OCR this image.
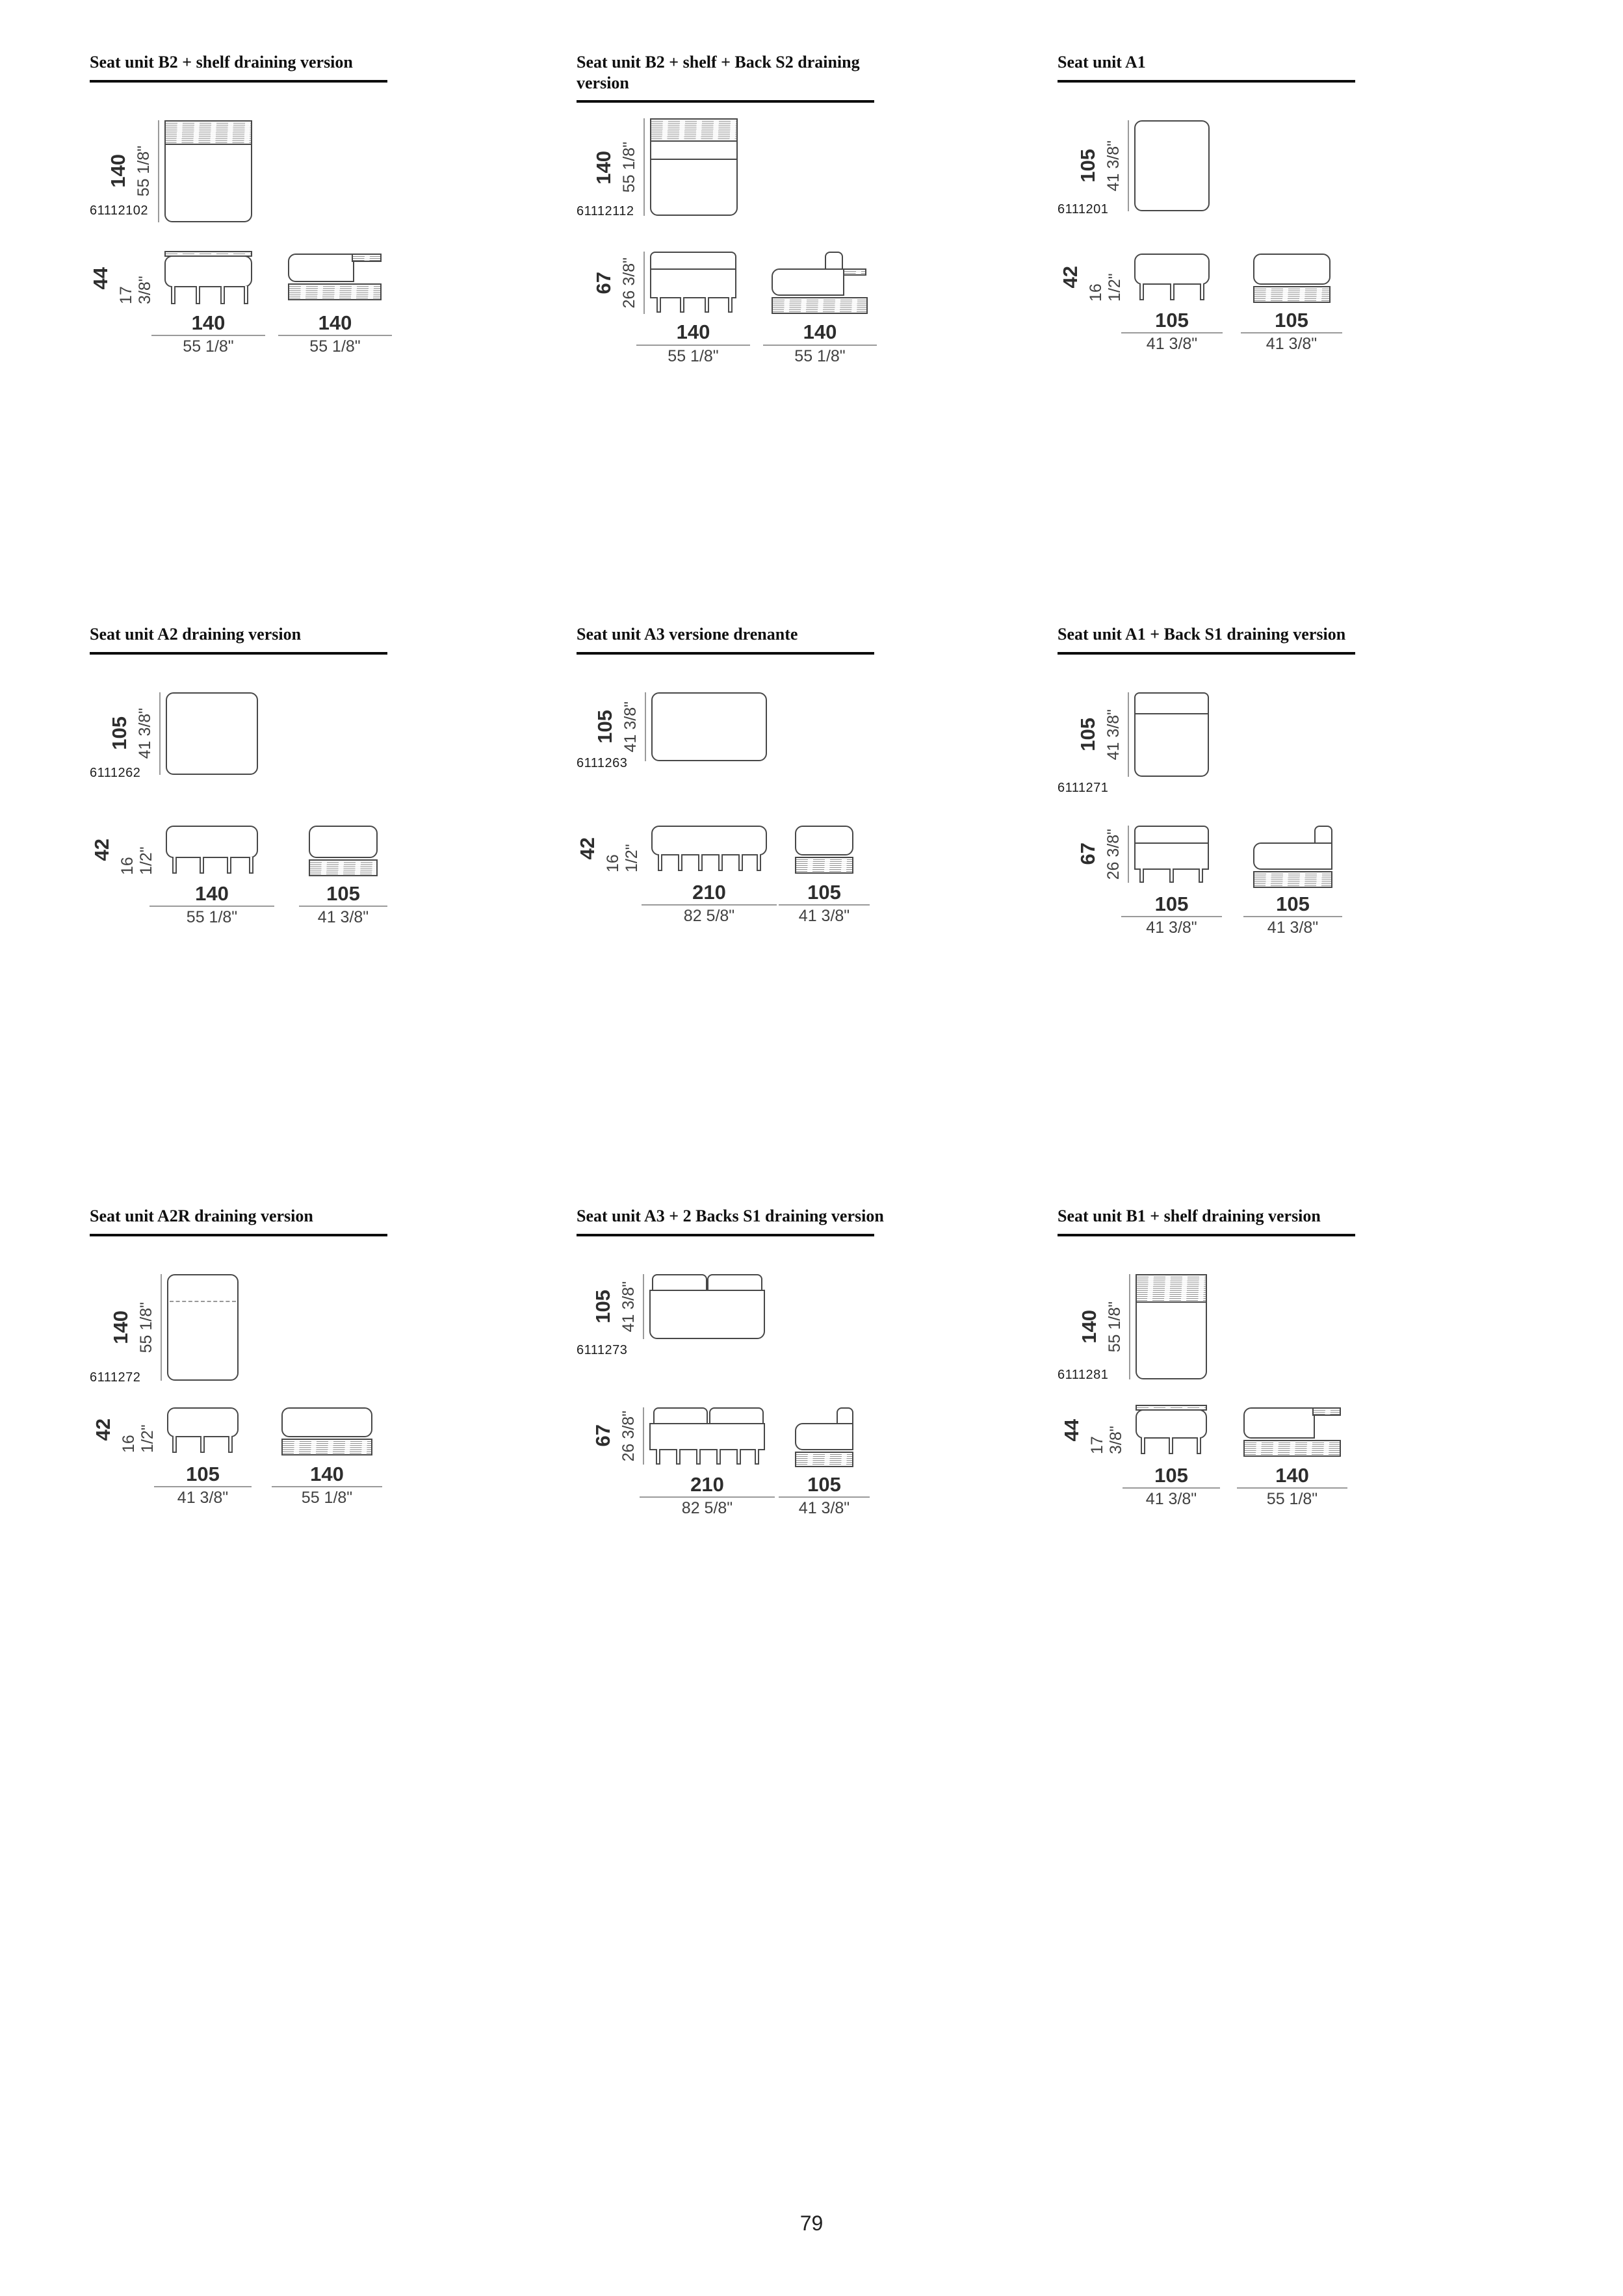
Seat unit B2 + shelf draining version
61112102
140 55 1/8"
44
17 3/8"
140
55 1/8"
140
55 1/8"
Seat unit B2 + shelf + Back S2 draining version
61112112
140 55 1/8"
67 26 3/8"
140
55 1/8"
140
55 1/8"
Seat unit A1
6111201
105 41 3/8"
42
16 1/2"
105
41 3/8"
105
41 3/8"
Seat unit A2 draining version
6111262
105 41 3/8"
42
16 1/2"
140
55 1/8"
105
41 3/8"
Seat unit A3 versione drenante
6111263
105 41 3/8"
42
16 1/2"
210
82 5/8"
105
41 3/8"
Seat unit A1 + Back S1 draining version
6111271
105 41 3/8"
67 26 3/8"
105
41 3/8"
105
41 3/8"
Seat unit A2R draining version
6111272
140 55 1/8"
42
16 1/2"
105
41 3/8"
140
55 1/8"
Seat unit A3 + 2 Backs S1 draining version
6111273
105 41 3/8"
67 26 3/8"
210
82 5/8"
105
41 3/8"
Seat unit B1 + shelf draining version
6111281
140 55 1/8"
44
17 3/8"
105
41 3/8"
140
55 1/8"
79
